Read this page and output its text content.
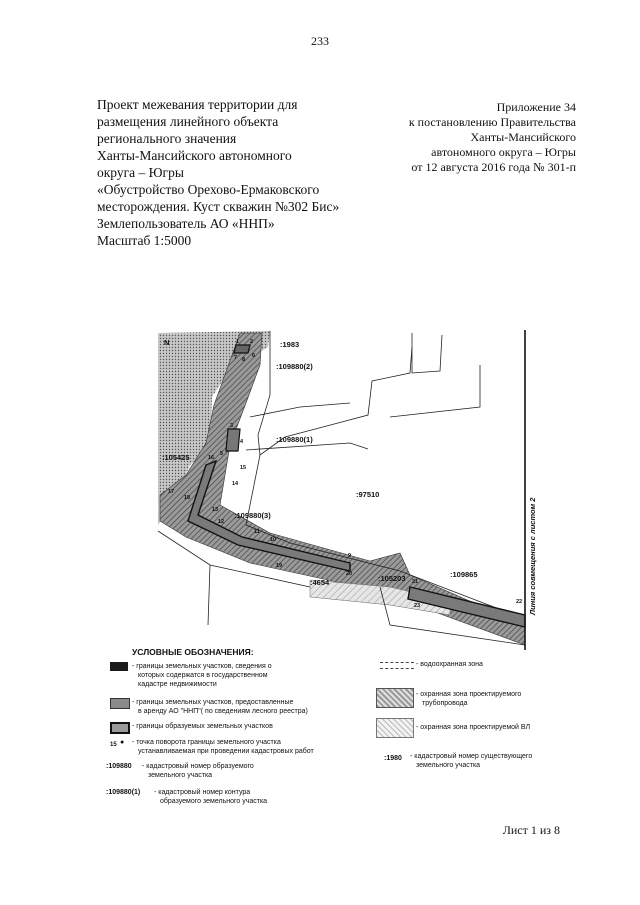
233
Проект межевания территории для
размещения линейного объекта
регионального значения
Ханты-Мансийского автономного
округа – Югры
«Обустройство Орехово-Ермаковского
месторождения. Куст скважин №302 Бис»
Землепользователь АО «ННП»
Масштаб 1:5000
Приложение 34
к постановлению Правительства
Ханты-Мансийского
автономного округа – Югры
от 12 августа 2016 года № 301-п
Линия совмещения с листом 2
:1983
:109880(2)
:109880(1)
:105425
:97510
:109880(3)
:4654	:105203	:109865
N	1 2
3
4
5
6
7 8
9
10
11
12
13
14
15
16
17
18
19
20
21
22
23
УСЛОВНЫЕ ОБОЗНАЧЕНИЯ:
- границы земельных участков, сведения о
которых содержатся в государственном
кадастре недвижимости
- границы земельных участков, предоставленные
в аренду АО "ННП"( по сведениям лесного реестра)
- границы образуемых земельных участков
15 ● - точка поворота границы земельного участка
устанавливаемая при проведении кадастровых работ
:109880 - кадастровый номер образуемого
земельного участка
:109880(1) - кадастровый номер контура
образуемого земельного участка
- водоохранная зона
- охранная зона проектируемого
трубопровода
- охранная зона проектируемой ВЛ
:1980 - кадастровый номер существующего
земельного участка
Лист 1 из 8
